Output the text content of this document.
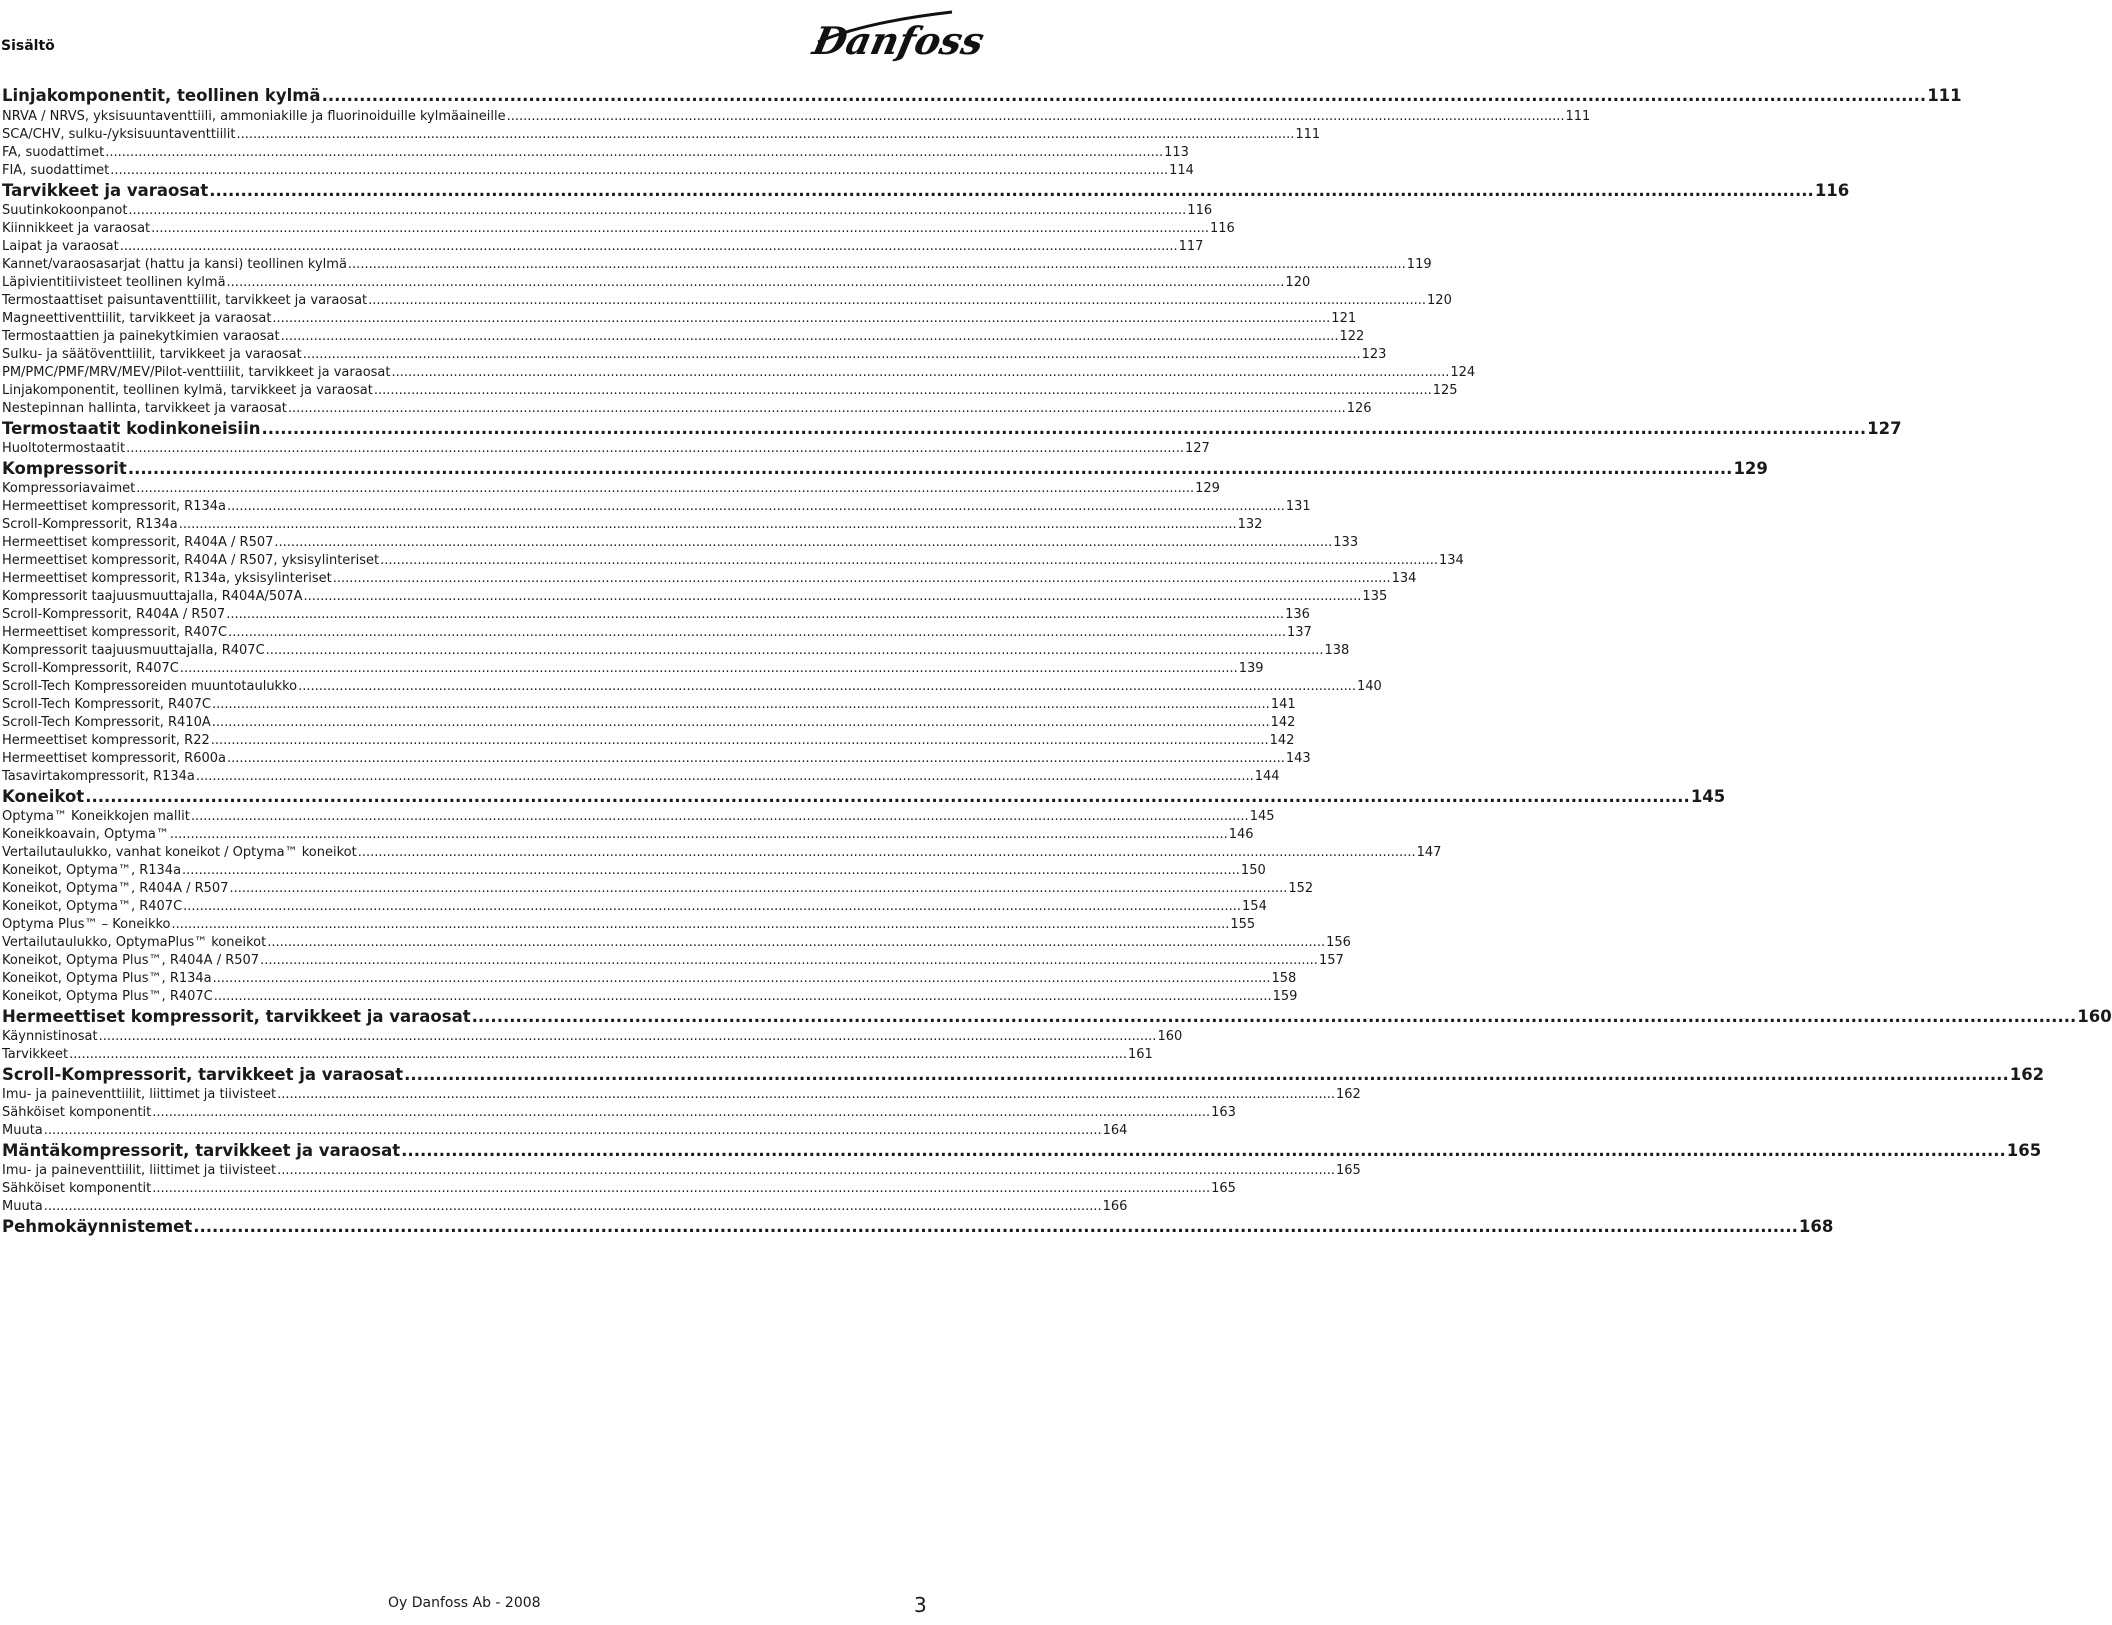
Sisältö	Danfoss
Linjakomponentit, teollinen kylmä .....	111
NRVA / NRVS, yksisuuntaventtiili, ammoniakille ja fluorinoiduille kylmäaineille .....	111
SCA/CHV, sulku-/yksisuuntaventtiilit .....	111
FA, suodattimet .....	113
FIA, suodattimet .....	114
Tarvikkeet ja varaosat .....	116
Suutinkokoonpanot .....	116
Kiinnikkeet ja varaosat .....	116
Laipat ja varaosat .....	117
Kannet/varaosasarjat (hattu ja kansi) teollinen kylmä .....	119
Läpivientitiivisteet teollinen kylmä .....	120
Termostaattiset paisuntaventtiilit, tarvikkeet ja varaosat .....	120
Magneettiventtiilit, tarvikkeet ja varaosat .....	121
Termostaattien ja painekytkimien varaosat .....	122
Sulku- ja säätöventtiilit, tarvikkeet ja varaosat .....	123
PM/PMC/PMF/MRV/MEV/Pilot-venttiilit, tarvikkeet ja varaosat .....	124
Linjakomponentit, teollinen kylmä, tarvikkeet ja varaosat .....	125
Nestepinnan hallinta, tarvikkeet ja varaosat .....	126
Termostaatit kodinkoneisiin .....	127
Huoltotermostaatit .....	127
Kompressorit .....	129
Kompressoriavaimet .....	129
Hermeettiset kompressorit, R134a .....	131
Scroll-Kompressorit, R134a .....	132
Hermeettiset kompressorit, R404A / R507 .....	133
Hermeettiset kompressorit, R404A / R507, yksisylinteriset .....	134
Hermeettiset kompressorit, R134a, yksisylinteriset .....	134
Kompressorit taajuusmuuttajalla, R404A/507A .....	135
Scroll-Kompressorit, R404A / R507 .....	136
Hermeettiset kompressorit, R407C .....	137
Kompressorit taajuusmuuttajalla, R407C .....	138
Scroll-Kompressorit, R407C .....	139
Scroll-Tech Kompressoreiden muuntotaulukko .....	140
Scroll-Tech Kompressorit, R407C .....	141
Scroll-Tech Kompressorit, R410A .....	142
Hermeettiset kompressorit, R22 .....	142
Hermeettiset kompressorit, R600a .....	143
Tasavirtakompressorit, R134a .....	144
Koneikot .....	145
Optyma™ Koneikkojen mallit .....	145
Koneikkoavain, Optyma™ .....	146
Vertailutaulukko, vanhat koneikot / Optyma™ koneikot .....	147
Koneikot, Optyma™, R134a .....	150
Koneikot, Optyma™, R404A / R507 .....	152
Koneikot, Optyma™, R407C .....	154
Optyma Plus™ – Koneikko .....	155
Vertailutaulukko, OptymaPlus™ koneikot .....	156
Koneikot, Optyma Plus™, R404A / R507 .....	157
Koneikot, Optyma Plus™, R134a .....	158
Koneikot, Optyma Plus™, R407C .....	159
Hermeettiset kompressorit, tarvikkeet ja varaosat .....	160
Käynnistinosat .....	160
Tarvikkeet .....	161
Scroll-Kompressorit, tarvikkeet ja varaosat .....	162
Imu- ja paineventtiilit, liittimet ja tiivisteet .....	162
Sähköiset komponentit .....	163
Muuta .....	164
Mäntäkompressorit, tarvikkeet ja varaosat .....	165
Imu- ja paineventtiilit, liittimet ja tiivisteet .....	165
Sähköiset komponentit .....	165
Muuta .....	166
Pehmokäynnistemet .....	168
Oy Danfoss Ab - 2008	3
